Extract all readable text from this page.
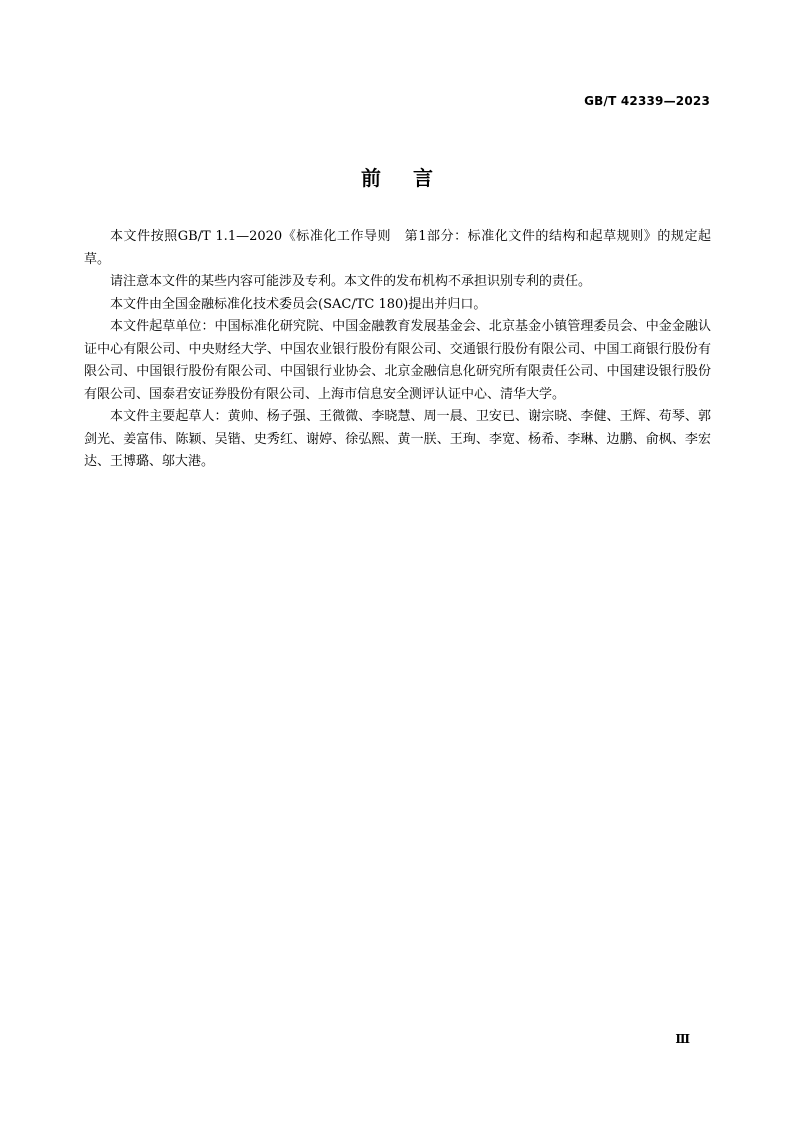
GB/T 42339—2023
前言

本文件按照GB/T 1.1—2020《标准化工作导则　第1部分：标准化文件的结构和起草规则》的规定起草。

请注意本文件的某些内容可能涉及专利。本文件的发布机构不承担识别专利的责任。

本文件由全国金融标准化技术委员会(SAC/TC 180)提出并归口。

本文件起草单位：中国标准化研究院、中国金融教育发展基金会、北京基金小镇管理委员会、中金金融认证中心有限公司、中央财经大学、中国农业银行股份有限公司、交通银行股份有限公司、中国工商银行股份有限公司、中国银行股份有限公司、中国银行业协会、北京金融信息化研究所有限责任公司、中国建设银行股份有限公司、国泰君安证券股份有限公司、上海市信息安全测评认证中心、清华大学。

本文件主要起草人：黄帅、杨子强、王微微、李晓慧、周一晨、卫安已、谢宗晓、李健、王辉、苟琴、郭剑光、姜富伟、陈颖、吴锴、史秀红、谢婷、徐弘熙、黄一朕、王珣、李宽、杨希、李琳、边鹏、俞枫、李宏达、王博璐、邬大港。

Ⅲ
